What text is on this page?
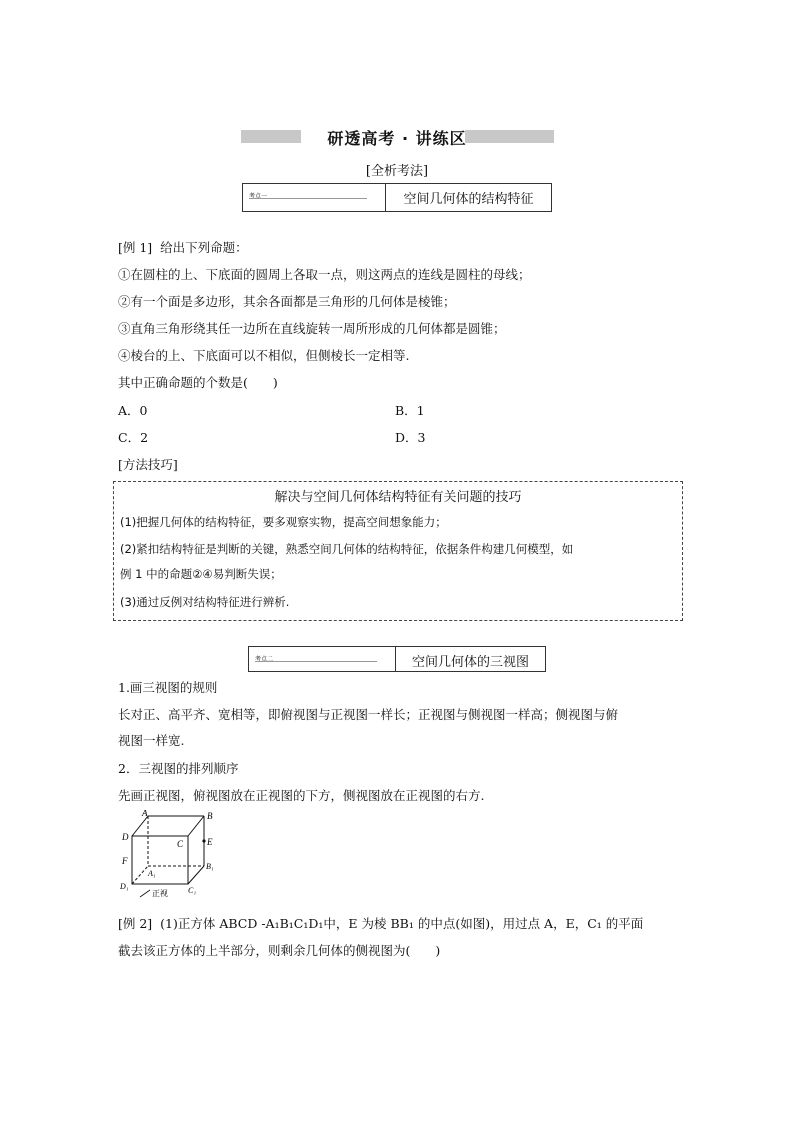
研透高考 · 讲练区
[全析考法]
考点一	空间几何体的结构特征
[例 1] 给出下列命题：
①在圆柱的上、下底面的圆周上各取一点，则这两点的连线是圆柱的母线；
②有一个面是多边形，其余各面都是三角形的几何体是棱锥；
③直角三角形绕其任一边所在直线旋转一周所形成的几何体都是圆锥；
④棱台的上、下底面可以不相似，但侧棱长一定相等.
其中正确命题的个数是(　　)
A．0	B．1
C．2	D．3
[方法技巧]
解决与空间几何体结构特征有关问题的技巧
(1)把握几何体的结构特征，要多观察实物，提高空间想象能力；
(2)紧扣结构特征是判断的关键，熟悉空间几何体的结构特征，依据条件构建几何模型，如
例 1 中的命题②④易判断失误；
(3)通过反例对结构特征进行辨析.
考点二	空间几何体的三视图
1.画三视图的规则
长对正、高平齐、宽相等，即俯视图与正视图一样长；正视图与侧视图一样高；侧视图与俯
视图一样宽.
2．三视图的排列顺序
先画正视图，俯视图放在正视图的下方，侧视图放在正视图的右方.
A	B
C
D	E
F
A₁
B₁
C₁
D₁
正视
[例 2] (1)正方体 ABCD -A₁B₁C₁D₁中，E 为棱 BB₁ 的中点(如图)，用过点 A，E，C₁ 的平面
截去该正方体的上半部分，则剩余几何体的侧视图为(　　)
